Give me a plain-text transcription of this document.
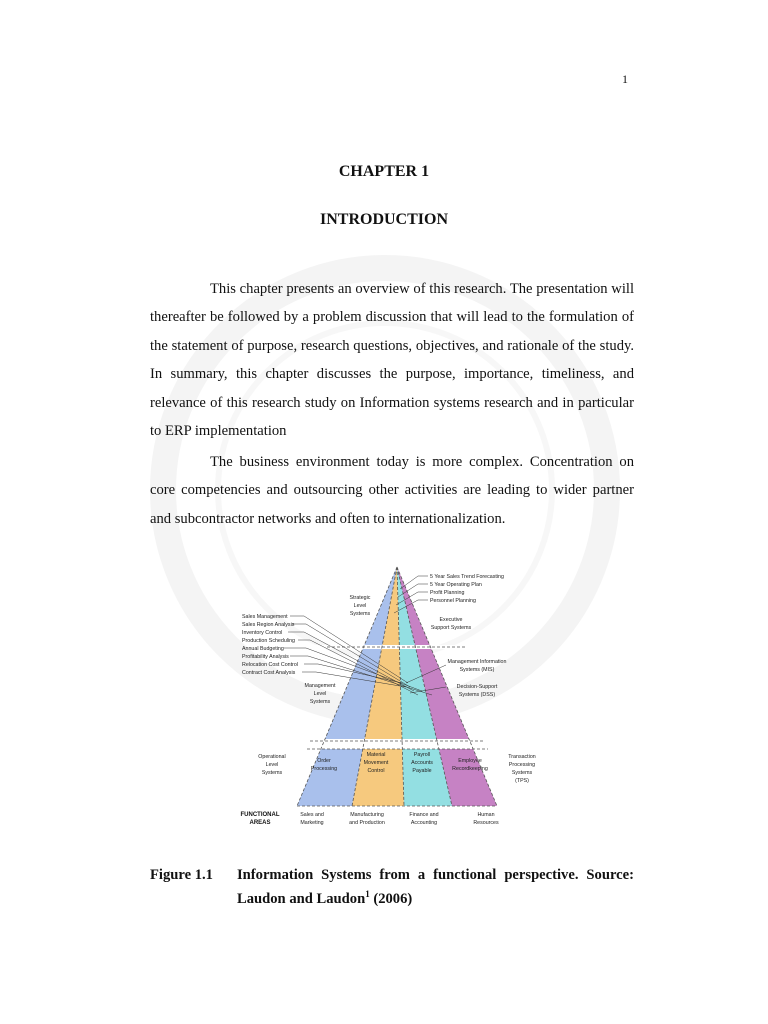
1
CHAPTER 1
INTRODUCTION

This chapter presents an overview of this research. The presentation will thereafter be followed by a problem discussion that will lead to the formulation of the statement of purpose, research questions, objectives, and rationale of the study. In summary, this chapter discusses the purpose, importance, timeliness, and relevance of this research study on Information systems research and in particular to ERP implementation

The business environment today is more complex. Concentration on core competencies and outsourcing other activities are leading to wider partner and subcontractor networks and often to internationalization.

5 Year Sales Trend Forecasting
5 Year Operating Plan
Profit Planning
Personnel Planning
Strategic
Level
Systems
Executive
Support Systems
Sales Management
Sales Region Analysis
Inventory Control
Production Scheduling
Annual Budgeting
Profitability Analysis
Relocation Cost Control
Contract Cost Analysis
Management Information
Systems (MIS)
Decision-Support
Systems (DSS)
Management
Level
Systems
Operational
Level
Systems
Transaction
Processing
Systems
(TPS)
Order
Processing
Material
Movement
Control
Payroll
Accounts
Payable
Employee
Recordkeeping
FUNCTIONAL
AREAS
Sales and
Marketing
Manufacturing
and Production
Finance and
Accounting
Human
Resources
Figure 1.1 Information Systems from a functional perspective. Source: Laudon and Laudon$^1$ (2006)
